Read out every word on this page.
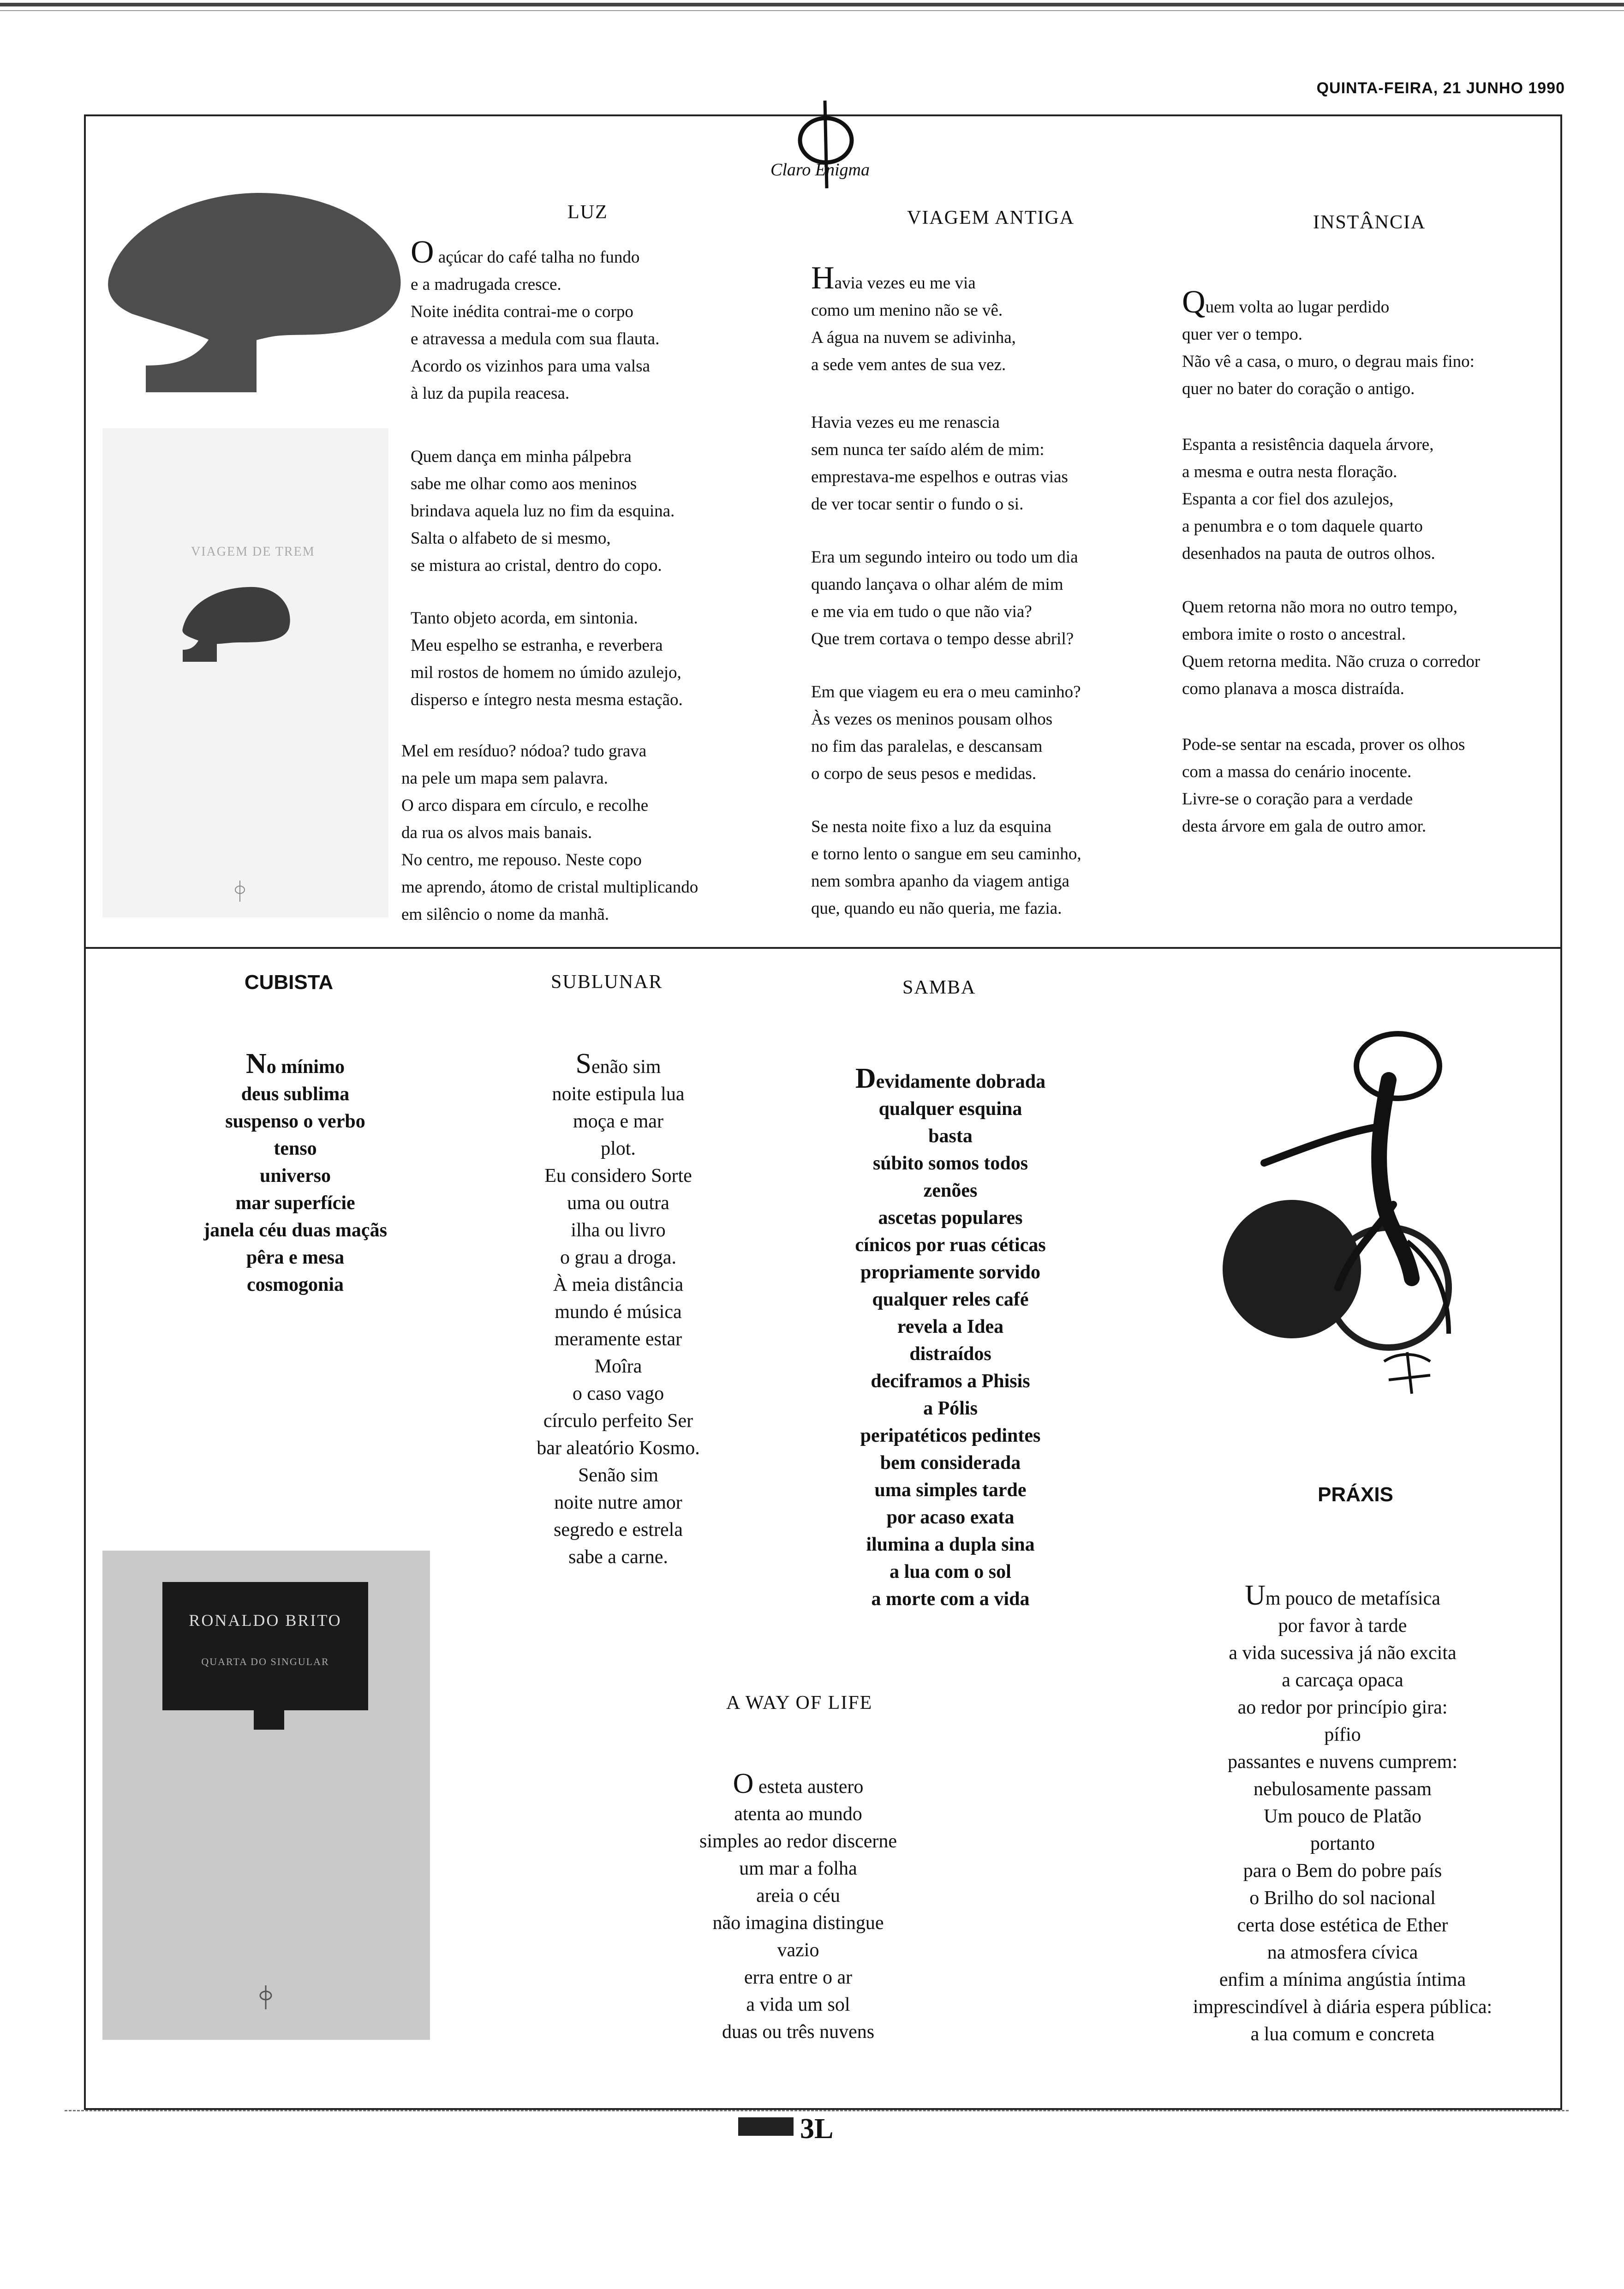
QUINTA-FEIRA, 21 JUNHO 1990
Claro Enigma
VIAGEM DE TREM
LUZ
O açúcar do café talha no fundo
e a madrugada cresce.
Noite inédita contrai-me o corpo
e atravessa a medula com sua flauta.
Acordo os vizinhos para uma valsa
à luz da pupila reacesa.
Quem dança em minha pálpebra
sabe me olhar como aos meninos
brindava aquela luz no fim da esquina.
Salta o alfabeto de si mesmo,
se mistura ao cristal, dentro do copo.
Tanto objeto acorda, em sintonia.
Meu espelho se estranha, e reverbera
mil rostos de homem no úmido azulejo,
disperso e íntegro nesta mesma estação.
Mel em resíduo? nódoa? tudo grava
na pele um mapa sem palavra.
O arco dispara em círculo, e recolhe
da rua os alvos mais banais.
No centro, me repouso. Neste copo
me aprendo, átomo de cristal multiplicando
em silêncio o nome da manhã.
VIAGEM ANTIGA
Havia vezes eu me via
como um menino não se vê.
A água na nuvem se adivinha,
a sede vem antes de sua vez.
Havia vezes eu me renascia
sem nunca ter saído além de mim:
emprestava-me espelhos e outras vias
de ver tocar sentir o fundo o si.
Era um segundo inteiro ou todo um dia
quando lançava o olhar além de mim
e me via em tudo o que não via?
Que trem cortava o tempo desse abril?
Em que viagem eu era o meu caminho?
Às vezes os meninos pousam olhos
no fim das paralelas, e descansam
o corpo de seus pesos e medidas.
Se nesta noite fixo a luz da esquina
e torno lento o sangue em seu caminho,
nem sombra apanho da viagem antiga
que, quando eu não queria, me fazia.
INSTÂNCIA
Quem volta ao lugar perdido
quer ver o tempo.
Não vê a casa, o muro, o degrau mais fino:
quer no bater do coração o antigo.
Espanta a resistência daquela árvore,
a mesma e outra nesta floração.
Espanta a cor fiel dos azulejos,
a penumbra e o tom daquele quarto
desenhados na pauta de outros olhos.
Quem retorna não mora no outro tempo,
embora imite o rosto o ancestral.
Quem retorna medita. Não cruza o corredor
como planava a mosca distraída.
Pode-se sentar na escada, prover os olhos
com a massa do cenário inocente.
Livre-se o coração para a verdade
desta árvore em gala de outro amor.
CUBISTA
No mínimo
deus sublima
suspenso o verbo
tenso
universo
mar superfície
janela céu duas maçãs
pêra e mesa
cosmogonia
SUBLUNAR
Senão sim
noite estipula lua
moça e mar
plot.
Eu considero Sorte
uma ou outra
ilha ou livro
o grau a droga.
À meia distância
mundo é música
meramente estar
Moîra
o caso vago
círculo perfeito Ser
bar aleatório Kosmo.
Senão sim
noite nutre amor
segredo e estrela
sabe a carne.
SAMBA
Devidamente dobrada
qualquer esquina
basta
súbito somos todos
zenões
ascetas populares
cínicos por ruas céticas
propriamente sorvido
qualquer reles café
revela a Idea
distraídos
deciframos a Phisis
a Pólis
peripatéticos pedintes
bem considerada
uma simples tarde
por acaso exata
ilumina a dupla sina
a lua com o sol
a morte com a vida
A WAY OF LIFE
O esteta austero
atenta ao mundo
simples ao redor discerne
um mar a folha
areia o céu
não imagina distingue
vazio
erra entre o ar
a vida um sol
duas ou três nuvens
PRÁXIS
Um pouco de metafísica
por favor à tarde
a vida sucessiva já não excita
a carcaça opaca
ao redor por princípio gira:
pífio
passantes e nuvens cumprem:
nebulosamente passam
Um pouco de Platão
portanto
para o Bem do pobre país
o Brilho do sol nacional
certa dose estética de Ether
na atmosfera cívica
enfim a mínima angústia íntima
imprescindível à diária espera pública:
a lua comum e concreta
RONALDO BRITO
QUARTA DO SINGULAR
3L
